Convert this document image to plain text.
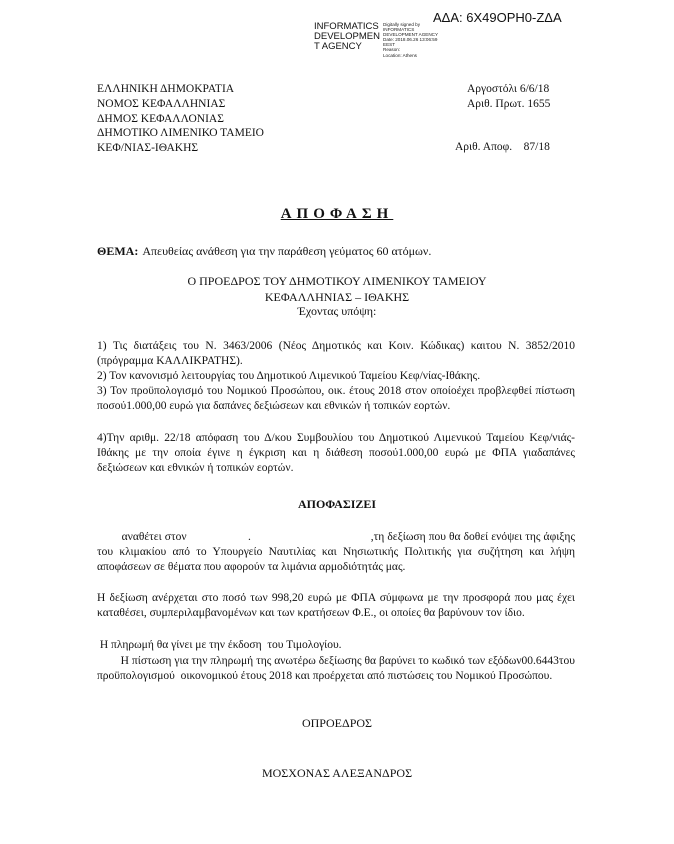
ΑΔΑ: 6Χ49ΟΡΗ0-ΖΔΑ
INFORMATICS DEVELOPMEN T AGENCY
Digitally signed by
INFORMATICS
DEVELOPMENT AGENCY
Date: 2018.06.26 13:06:59
EEST
Reason:
Location: Athens
ΕΛΛΗΝΙΚΗ ΔΗΜΟΚΡΑΤΙΑ
ΝΟΜΟΣ ΚΕΦΑΛΛΗΝΙΑΣ
ΔΗΜΟΣ ΚΕΦΑΛΛΟΝΙΑΣ
ΔΗΜΟΤΙΚΟ ΛΙΜΕΝΙΚΟ ΤΑΜΕΙΟ
ΚΕΦ/ΝΙΑΣ-ΙΘΑΚΗΣ
Αργοστόλι 6/6/18
Αριθ. Πρωτ. 1655
Αριθ. Αποφ.    87/18
ΑΠΟΦΑΣΗ
ΘΕΜΑ: Απευθείας ανάθεση για την παράθεση γεύματος 60 ατόμων.
Ο ΠΡΟΕΔΡΟΣ ΤΟΥ ΔΗΜΟΤΙΚΟΥ ΛΙΜΕΝΙΚΟΥ ΤΑΜΕΙΟΥ
ΚΕΦΑΛΛΗΝΙΑΣ – ΙΘΑΚΗΣ
Έχοντας υπόψη:
1) Τις διατάξεις του Ν. 3463/2006 (Νέος Δημοτικός και Κοιν. Κώδικας) καιτου Ν. 3852/2010 (πρόγραμμα ΚΑΛΛΙΚΡΑΤΗΣ).
2) Τον κανονισμό λειτουργίας του Δημοτικού Λιμενικού Ταμείου Κεφ/νίας-Ιθάκης.
3) Τον προϋπολογισμό του Νομικού Προσώπου, οικ. έτους 2018 στον οποίοέχει προβλεφθεί πίστωση ποσού1.000,00 ευρώ για δαπάνες δεξιώσεων και εθνικών ή τοπικών εορτών.
4)Την αριθμ. 22/18 απόφαση του Δ/κου Συμβουλίου του Δημοτικού Λιμενικού Ταμείου Κεφ/νιάς-Ιθάκης με την οποία έγινε η έγκριση και η διάθεση ποσού1.000,00 ευρώ με ΦΠΑ γιαδαπάνες δεξιώσεων και εθνικών ή τοπικών εορτών.
ΑΠΟΦΑΣΙΖΕΙ
αναθέτει στον                    .                                       ,τη δεξίωση που θα δοθεί ενόψει της άφιξης του κλιμακίου από το Υπουργείο Ναυτιλίας και Νησιωτικής Πολιτικής για συζήτηση και λήψη αποφάσεων σε θέματα που αφορούν τα λιμάνια αρμοδιότητάς μας.
Η δεξίωση ανέρχεται στο ποσό των 998,20 ευρώ με ΦΠΑ σύμφωνα με την προσφορά που μας έχει καταθέσει, συμπεριλαμβανομένων και των κρατήσεων Φ.Ε., οι οποίες θα βαρύνουν τον ίδιο.
Η πληρωμή θα γίνει με την έκδοση  του Τιμολογίου.
Η πίστωση για την πληρωμή της ανωτέρω δεξίωσης θα βαρύνει το κωδικό των εξόδων00.6443του προϋπολογισμού  οικονομικού έτους 2018 και προέρχεται από πιστώσεις του Νομικού Προσώπου.
ΟΠΡΟΕΔΡΟΣ
ΜΟΣΧΟΝΑΣ ΑΛΕΞΑΝΔΡΟΣ
